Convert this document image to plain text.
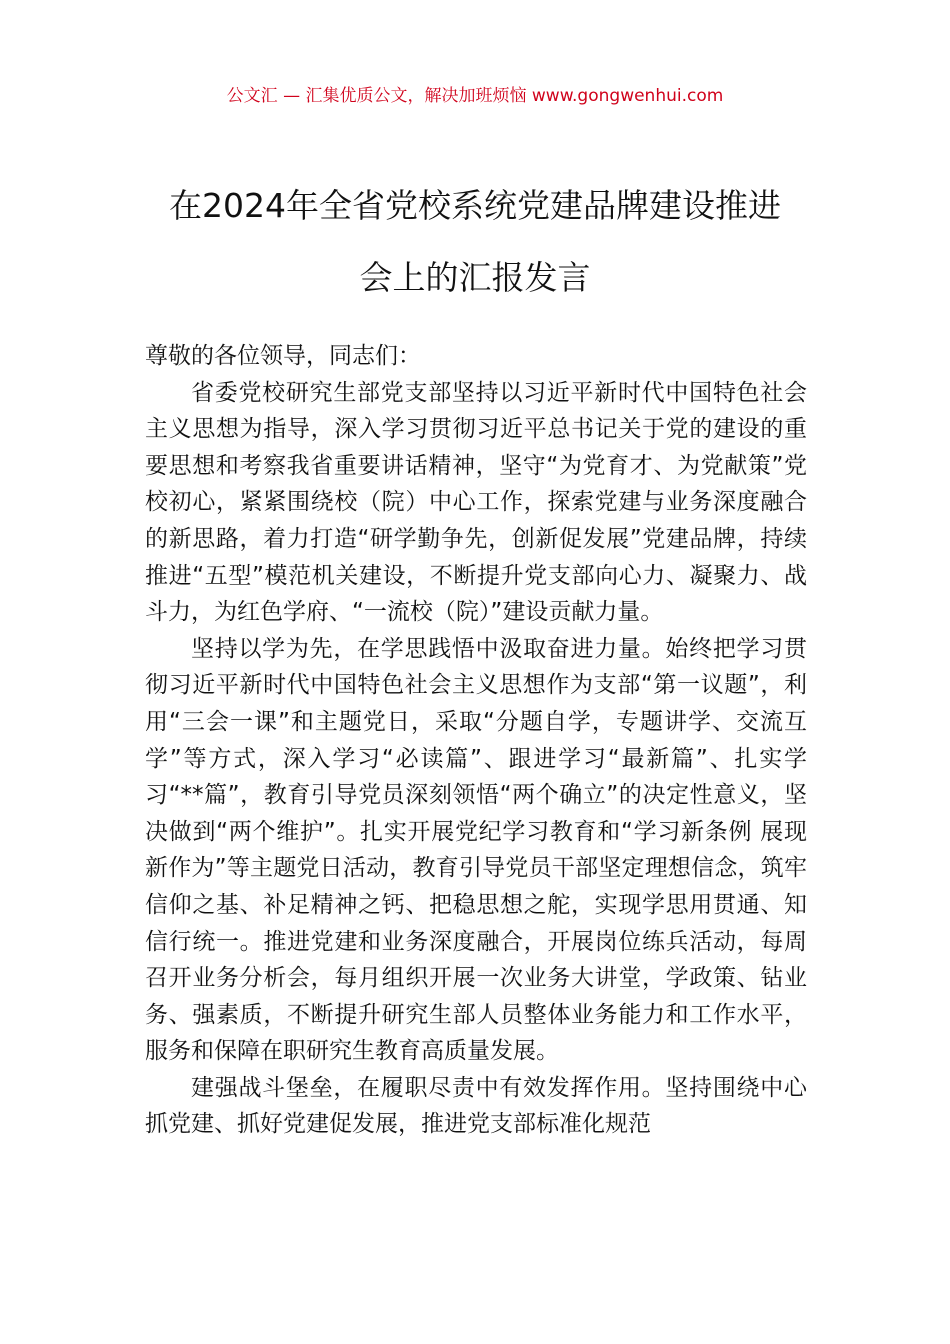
公文汇 — 汇集优质公文，解决加班烦恼 www.gongwenhui.com
在2024年全省党校系统党建品牌建设推进
会上的汇报发言

尊敬的各位领导，同志们：

省委党校研究生部党支部坚持以习近平新时代中国特色社会主义思想为指导，深入学习贯彻习近平总书记关于党的建设的重要思想和考察我省重要讲话精神，坚守“为党育才、为党献策”党校初心，紧紧围绕校（院）中心工作，探索党建与业务深度融合的新思路，着力打造“研学勤争先，创新促发展”党建品牌，持续推进“五型”模范机关建设，不断提升党支部向心力、凝聚力、战斗力，为红色学府、“一流校（院）”建设贡献力量。

坚持以学为先，在学思践悟中汲取奋进力量。始终把学习贯彻习近平新时代中国特色社会主义思想作为支部“第一议题”，利用“三会一课”和主题党日，采取“分题自学，专题讲学、交流互学”等方式，深入学习“必读篇”、跟进学习“最新篇”、扎实学习“**篇”，教育引导党员深刻领悟“两个确立”的决定性意义，坚决做到“两个维护”。扎实开展党纪学习教育和“学习新条例 展现新作为”等主题党日活动，教育引导党员干部坚定理想信念，筑牢信仰之基、补足精神之钙、把稳思想之舵，实现学思用贯通、知信行统一。推进党建和业务深度融合，开展岗位练兵活动，每周召开业务分析会，每月组织开展一次业务大讲堂，学政策、钻业务、强素质，不断提升研究生部人员整体业务能力和工作水平，服务和保障在职研究生教育高质量发展。

建强战斗堡垒，在履职尽责中有效发挥作用。坚持围绕中心抓党建、抓好党建促发展，推进党支部标准化规范
